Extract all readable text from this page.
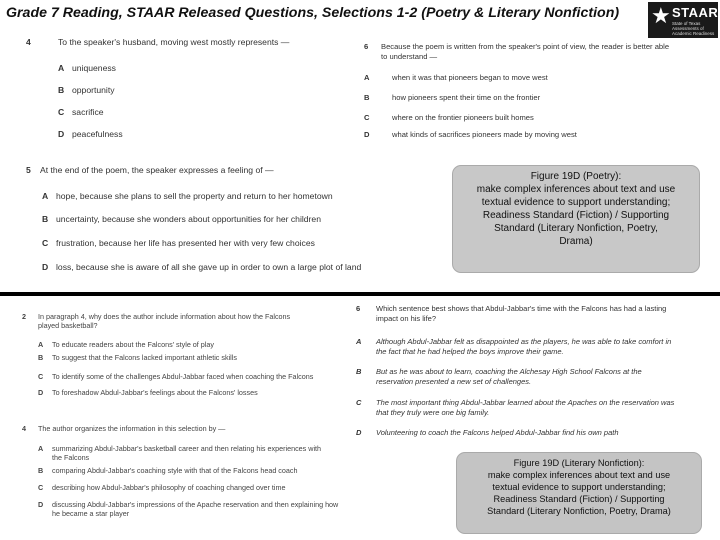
Grade 7 Reading, STAAR Released Questions, Selections 1-2 (Poetry & Literary Nonfiction) ★ STAAR
State of Texas Assessments of Academic Readiness
4	To the speaker's husband, moving west mostly represents —
A uniqueness
B opportunity
C sacrifice
D peacefulness
5 At the end of the poem, the speaker expresses a feeling of —
A hope, because she plans to sell the property and return to her hometown
B uncertainty, because she wonders about opportunities for her children
C frustration, because her life has presented her with very few choices
D loss, because she is aware of all she gave up in order to own a large plot of land
6 Because the poem is written from the speaker's point of view, the reader is better able
to understand —
A	when it was that pioneers began to move west
B	how pioneers spent their time on the frontier
C	where on the frontier pioneers built homes
D	what kinds of sacrifices pioneers made by moving west
Figure 19D (Poetry):
make complex inferences about text and use
textual evidence to support understanding;
Readiness Standard (Fiction) / Supporting
Standard (Literary Nonfiction, Poetry,
Drama)
2 In paragraph 4, why does the author include information about how the Falcons
played basketball?
A To educate readers about the Falcons' style of play
B To suggest that the Falcons lacked important athletic skills
C To identify some of the challenges Abdul-Jabbar faced when coaching the Falcons
D To foreshadow Abdul-Jabbar's feelings about the Falcons' losses
4 The author organizes the information in this selection by —
A summarizing Abdul-Jabbar's basketball career and then relating his experiences with
the Falcons
B comparing Abdul-Jabbar's coaching style with that of the Falcons head coach
C describing how Abdul-Jabbar's philosophy of coaching changed over time
D discussing Abdul-Jabbar's impressions of the Apache reservation and then explaining how
he became a star player
6 Which sentence best shows that Abdul-Jabbar's time with the Falcons has had a lasting
impact on his life?
A Although Abdul-Jabbar felt as disappointed as the players, he was able to take comfort in
the fact that he had helped the boys improve their game.
B But as he was about to learn, coaching the Alchesay High School Falcons at the
reservation presented a new set of challenges.
C The most important thing Abdul-Jabbar learned about the Apaches on the reservation was
that they truly were one big family.
D Volunteering to coach the Falcons helped Abdul-Jabbar find his own path
Figure 19D (Literary Nonfiction):
make complex inferences about text and use
textual evidence to support understanding;
Readiness Standard (Fiction) / Supporting
Standard (Literary Nonfiction, Poetry, Drama)
